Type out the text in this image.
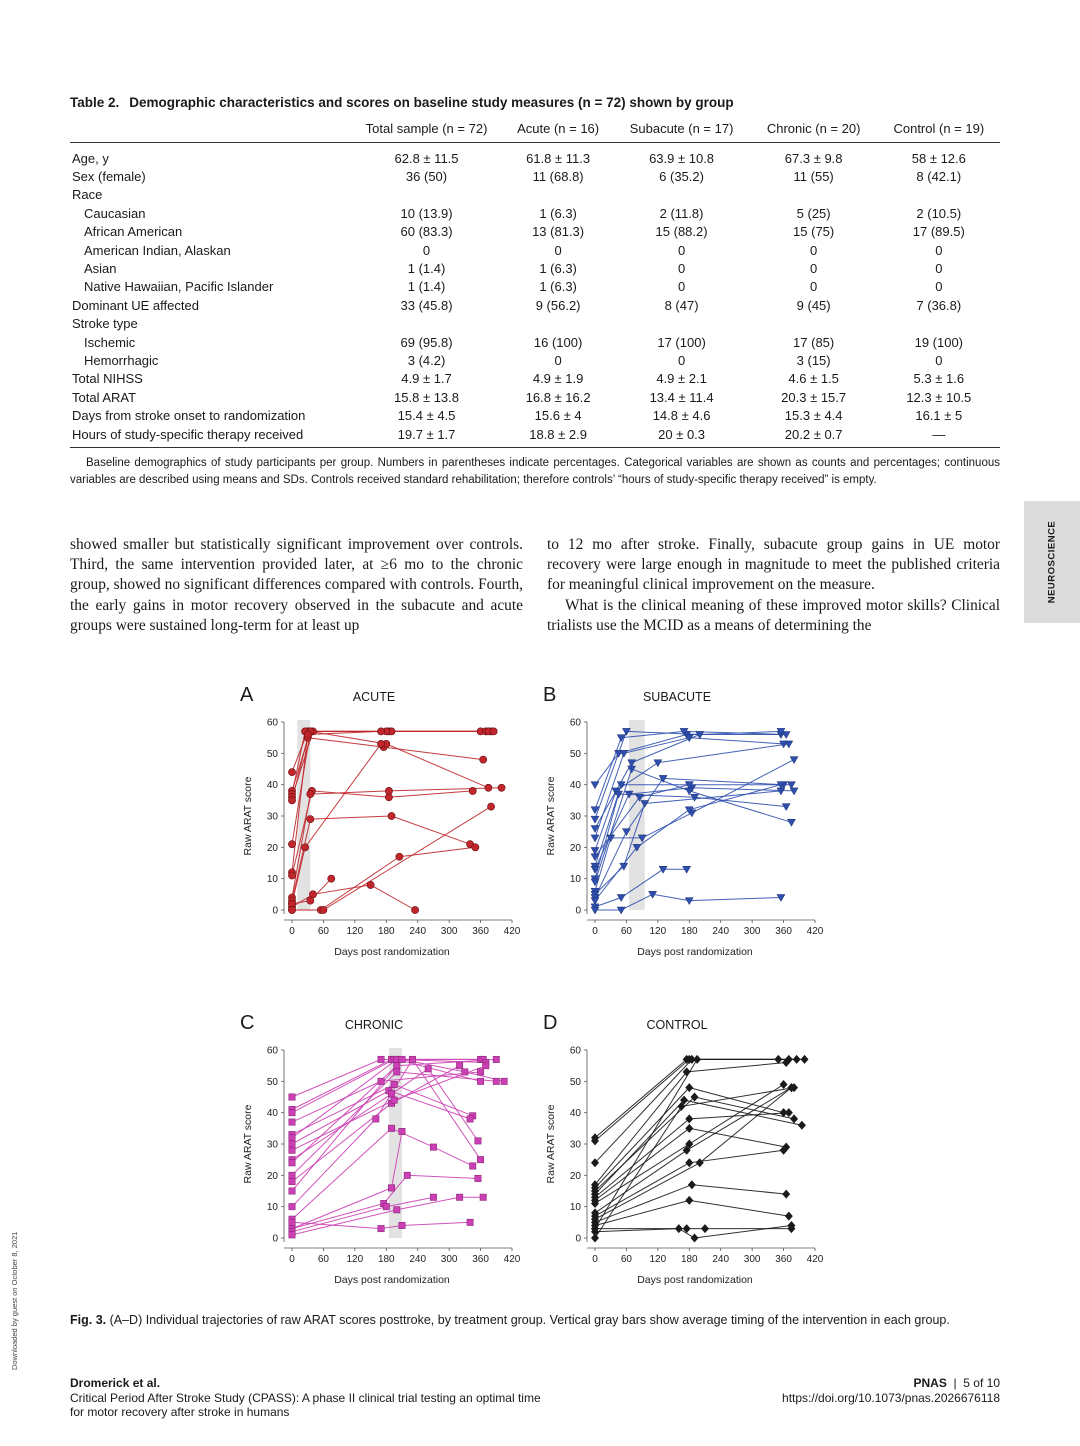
Table 2. Demographic characteristics and scores on baseline study measures (n = 72) shown by group
	Total sample (n = 72)	Acute (n = 16)	Subacute (n = 17)	Chronic (n = 20)	Control (n = 19)
Age, y	62.8 ± 11.5	61.8 ± 11.3	63.9 ± 10.8	67.3 ± 9.8	58 ± 12.6
Sex (female)	36 (50)	11 (68.8)	6 (35.2)	11 (55)	8 (42.1)
Race					
Caucasian	10 (13.9)	1 (6.3)	2 (11.8)	5 (25)	2 (10.5)
African American	60 (83.3)	13 (81.3)	15 (88.2)	15 (75)	17 (89.5)
American Indian, Alaskan	0	0	0	0	0
Asian	1 (1.4)	1 (6.3)	0	0	0
Native Hawaiian, Pacific Islander	1 (1.4)	1 (6.3)	0	0	0
Dominant UE affected	33 (45.8)	9 (56.2)	8 (47)	9 (45)	7 (36.8)
Stroke type					
Ischemic	69 (95.8)	16 (100)	17 (100)	17 (85)	19 (100)
Hemorrhagic	3 (4.2)	0	0	3 (15)	0
Total NIHSS	4.9 ± 1.7	4.9 ± 1.9	4.9 ± 2.1	4.6 ± 1.5	5.3 ± 1.6
Total ARAT	15.8 ± 13.8	16.8 ± 16.2	13.4 ± 11.4	20.3 ± 15.7	12.3 ± 10.5
Days from stroke onset to randomization	15.4 ± 4.5	15.6 ± 4	14.8 ± 4.6	15.3 ± 4.4	16.1 ± 5
Hours of study-specific therapy received	19.7 ± 1.7	18.8 ± 2.9	20 ± 0.3	20.2 ± 0.7	—
Baseline demographics of study participants per group. Numbers in parentheses indicate percentages. Categorical variables are shown as counts and percentages; continuous variables are described using means and SDs. Controls received standard rehabilitation; therefore controls’ “hours of study-specific therapy received” is empty.
NEUROSCIENCE

showed smaller but statistically significant improvement over controls. Third, the same intervention provided later, at ≥6 mo to the chronic group, showed no significant differences compared with controls. Fourth, the early gains in motor recovery observed in the subacute and acute groups were sustained long-term for at least up

to 12 mo after stroke. Finally, subacute group gains in UE motor recovery were large enough in magnitude to meet the published criteria for meaningful clinical improvement on the measure.

What is the clinical meaning of these improved motor skills? Clinical trialists use the MCID as a means of determining the

A	ACUTE
0
10
20
30
40
50
60
0 60 120 180 240 300 360 420
Days post randomization
Raw ARAT score
B	SUBACUTE
0
10
20
30
40
50
60
0 60 120 180 240 300 360 420
Days post randomization
Raw ARAT score
C	CHRONIC
0
10
20
30
40
50
60
0 60 120 180 240 300 360 420
Days post randomization
Raw ARAT score
D	CONTROL
0
10
20
30
40
50
60
0 60 120 180 240 300 360 420
Days post randomization
Raw ARAT score
Fig. 3. (A–D) Individual trajectories of raw ARAT scores posttroke, by treatment group. Vertical gray bars show average timing of the intervention in each group.
Dromerick et al.
Critical Period After Stroke Study (CPASS): A phase II clinical trial testing an optimal time
for motor recovery after stroke in humans
PNAS  |  5 of 10
https://doi.org/10.1073/pnas.2026676118
Downloaded by guest on October 8, 2021
